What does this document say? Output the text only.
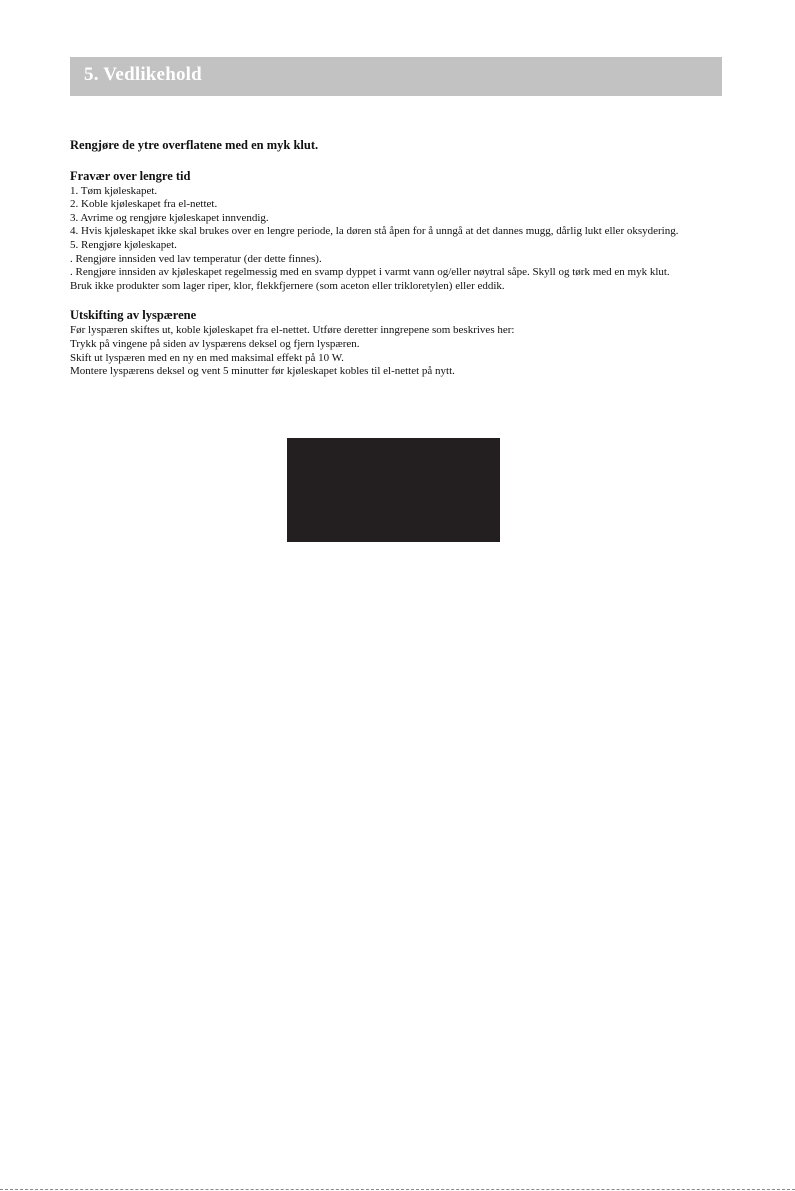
5. Vedlikehold

Rengjøre de ytre overflatene med en myk klut.

Fravær over lengre tid

1. Tøm kjøleskapet.

2. Koble kjøleskapet fra el-nettet.

3. Avrime og rengjøre kjøleskapet innvendig.

4. Hvis kjøleskapet ikke skal brukes over en lengre periode, la døren stå åpen for å unngå at det dannes mugg, dårlig lukt eller oksydering.

5. Rengjøre kjøleskapet.

. Rengjøre innsiden ved lav temperatur (der dette finnes).

. Rengjøre innsiden av kjøleskapet regelmessig med en svamp dyppet i varmt vann og/eller nøytral såpe. Skyll og tørk med en myk klut.

Bruk ikke produkter som lager riper, klor, flekkfjernere (som aceton eller trikloretylen) eller eddik.

Utskifting av lyspærene

Før lyspæren skiftes ut, koble kjøleskapet fra el-nettet. Utføre deretter inngrepene som beskrives her:

Trykk på vingene på siden av lyspærens deksel og fjern lyspæren.

Skift ut lyspæren med en ny en med maksimal effekt på 10 W.

Montere lyspærens deksel og vent 5 minutter før kjøleskapet kobles til el-nettet på nytt.
